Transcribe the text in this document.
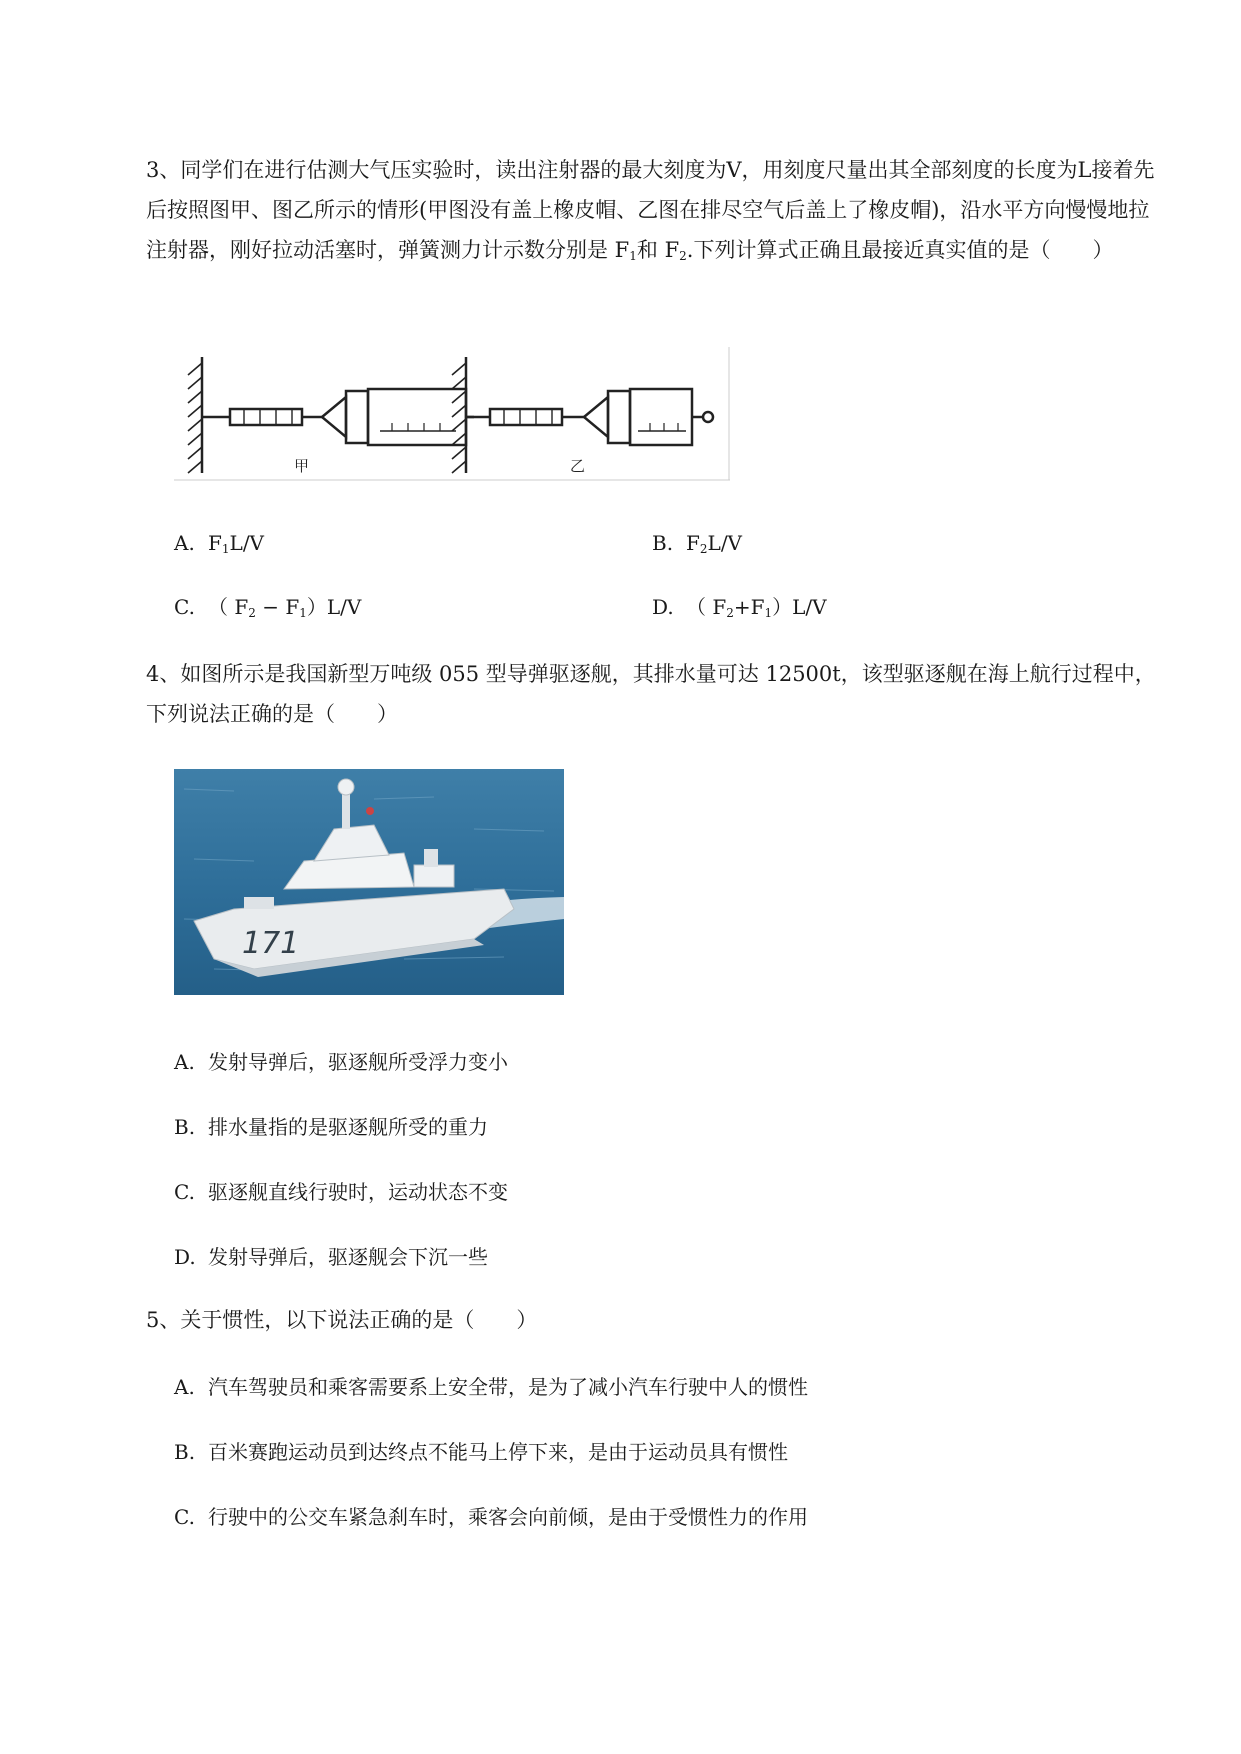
3、同学们在进行估测大气压实验时，读出注射器的最大刻度为V，用刻度尺量出其全部刻度的长度为L接着先后按照图甲、图乙所示的情形(甲图没有盖上橡皮帽、乙图在排尽空气后盖上了橡皮帽)，沿水平方向慢慢地拉注射器，刚好拉动活塞时，弹簧测力计示数分别是 $F_1$和 $F_2$.下列计算式正确且最接近真实值的是（　　）
甲	乙
A. $F_1L/V$	B. $F_2L/V$
C. （ $F_2 - F_1)L/V$	D. （ $F_2+F_1)L/V$
4、如图所示是我国新型万吨级 055 型导弹驱逐舰，其排水量可达 12500t，该型驱逐舰在海上航行过程中，下列说法正确的是（　　）
171
A. 发射导弹后，驱逐舰所受浮力变小
B. 排水量指的是驱逐舰所受的重力
C. 驱逐舰直线行驶时，运动状态不变
D. 发射导弹后，驱逐舰会下沉一些
5、关于惯性，以下说法正确的是（　　）
A. 汽车驾驶员和乘客需要系上安全带，是为了减小汽车行驶中人的惯性
B. 百米赛跑运动员到达终点不能马上停下来，是由于运动员具有惯性
C. 行驶中的公交车紧急刹车时，乘客会向前倾，是由于受惯性力的作用
